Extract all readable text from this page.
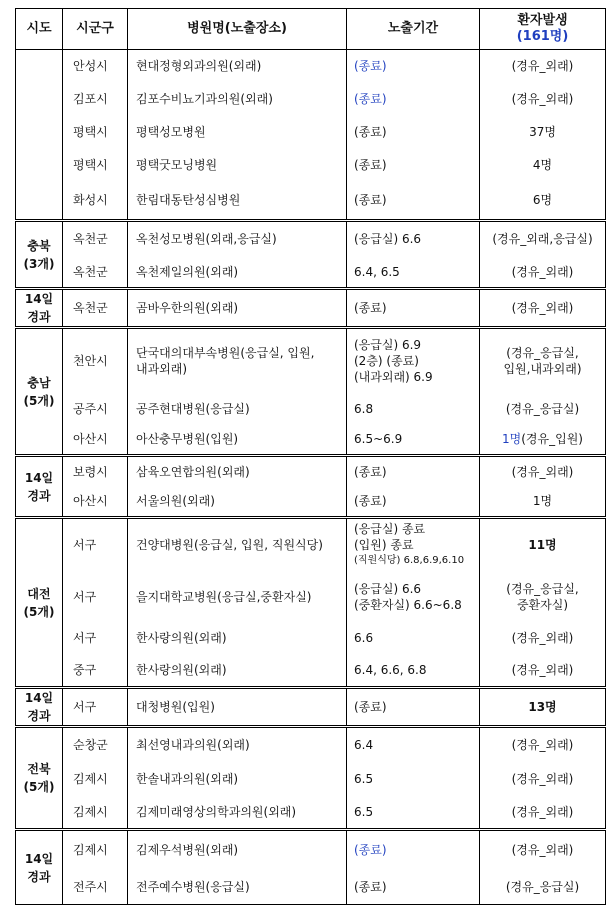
시도	시군구	병원명(노출장소)	노출기간	환자발생
(161명)

	안성시	현대정형외과의원(외래)	(종료)	(경유_외래)
	김포시	김포수비뇨기과의원(외래)	(종료)	(경유_외래)
	평택시	평택성모병원	(종료)	37명
	평택시	평택굿모닝병원	(종료)	4명
	화성시	한림대동탄성심병원	(종료)	6명

충북
(3개)	옥천군	옥천성모병원(외래,응급실)	(응급실) 6.6	(경유_외래,응급실)
	옥천군	옥천제일의원(외래)	6.4, 6.5	(경유_외래)

14일
경과	옥천군	곰바우한의원(외래)	(종료)	(경유_외래)

충남
(5개)	천안시	단국대의대부속병원(응급실, 입원,
내과외래)	(응급실) 6.9
(2층) (종료)
(내과외래) 6.9	(경유_응급실,
입원,내과외래)

	공주시	공주현대병원(응급실)	6.8	(경유_응급실)
	아산시	아산충무병원(입원)	6.5~6.9	1명(경유_입원)

14일
경과	보령시	삼육오연합의원(외래)	(종료)	(경유_외래)
	아산시	서울의원(외래)	(종료)	1명

대전
(5개)	서구	건양대병원(응급실, 입원, 직원식당)	(응급실) 종료
(입원) 종료
(직원식당) 6.8,6.9,6.10	11명
	서구	을지대학교병원(응급실,중환자실)	(응급실) 6.6
(중환자실) 6.6~6.8	(경유_응급실,
중환자실)

	서구	한사랑의원(외래)	6.6	(경유_외래)
	중구	한사랑의원(외래)	6.4, 6.6, 6.8	(경유_외래)

14일
경과	서구	대청병원(입원)	(종료)	13명

전북
(5개)	순창군	최선영내과의원(외래)	6.4	(경유_외래)
	김제시	한솔내과의원(외래)	6.5	(경유_외래)
	김제시	김제미래영상의학과의원(외래)	6.5	(경유_외래)

14일
경과	김제시	김제우석병원(외래)	(종료)	(경유_외래)
	전주시	전주예수병원(응급실)	(종료)	(경유_응급실)
